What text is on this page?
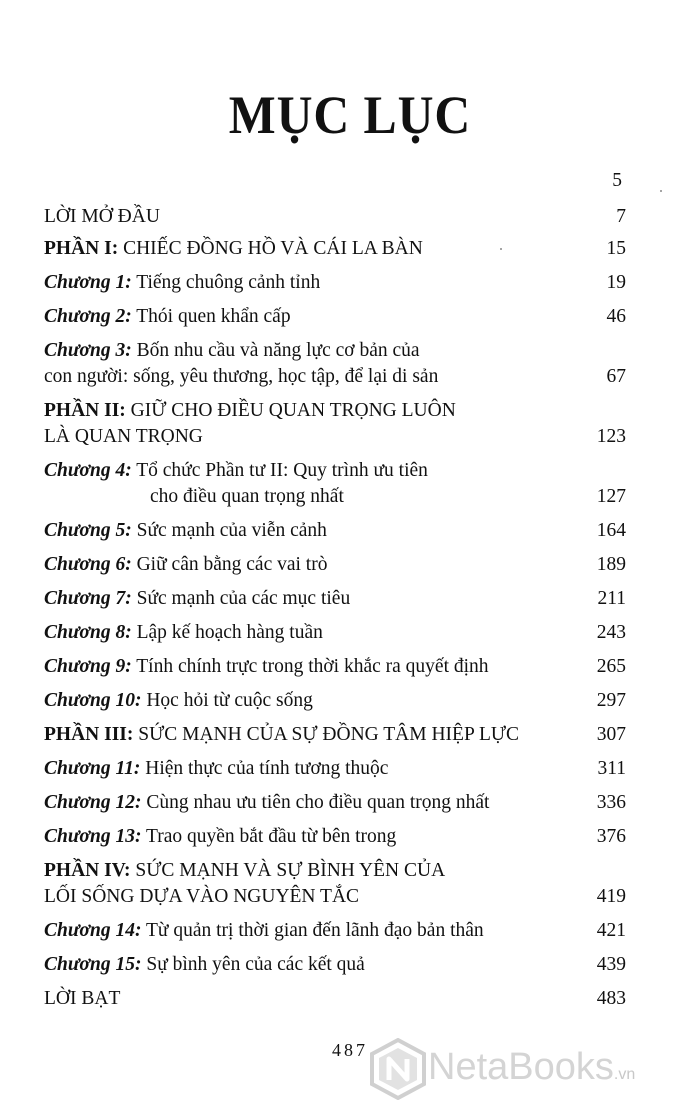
MỤC LỤC
5
LỜI MỞ ĐẦU	7
PHẦN I: CHIẾC ĐỒNG HỒ VÀ CÁI LA BÀN	15
Chương 1: Tiếng chuông cảnh tỉnh	19
Chương 2: Thói quen khẩn cấp	46
Chương 3: Bốn nhu cầu và năng lực cơ bản của
con người: sống, yêu thương, học tập, để lại di sản	67
PHẦN II: GIỮ CHO ĐIỀU QUAN TRỌNG LUÔN
LÀ QUAN TRỌNG	123
Chương 4: Tổ chức Phần tư II: Quy trình ưu tiên
cho điều quan trọng nhất	127
Chương 5: Sức mạnh của viễn cảnh	164
Chương 6: Giữ cân bằng các vai trò	189
Chương 7: Sức mạnh của các mục tiêu	211
Chương 8: Lập kế hoạch hàng tuần	243
Chương 9: Tính chính trực trong thời khắc ra quyết định	265
Chương 10: Học hỏi từ cuộc sống	297
PHẦN III: SỨC MẠNH CỦA SỰ ĐỒNG TÂM HIỆP LỰC	307
Chương 11: Hiện thực của tính tương thuộc	311
Chương 12: Cùng nhau ưu tiên cho điều quan trọng nhất	336
Chương 13: Trao quyền bắt đầu từ bên trong	376
PHẦN IV: SỨC MẠNH VÀ SỰ BÌNH YÊN CỦA
LỐI SỐNG DỰA VÀO NGUYÊN TẮC	419
Chương 14: Từ quản trị thời gian đến lãnh đạo bản thân	421
Chương 15: Sự bình yên của các kết quả	439
LỜI BẠT	483
487	NetaBooks.vn
